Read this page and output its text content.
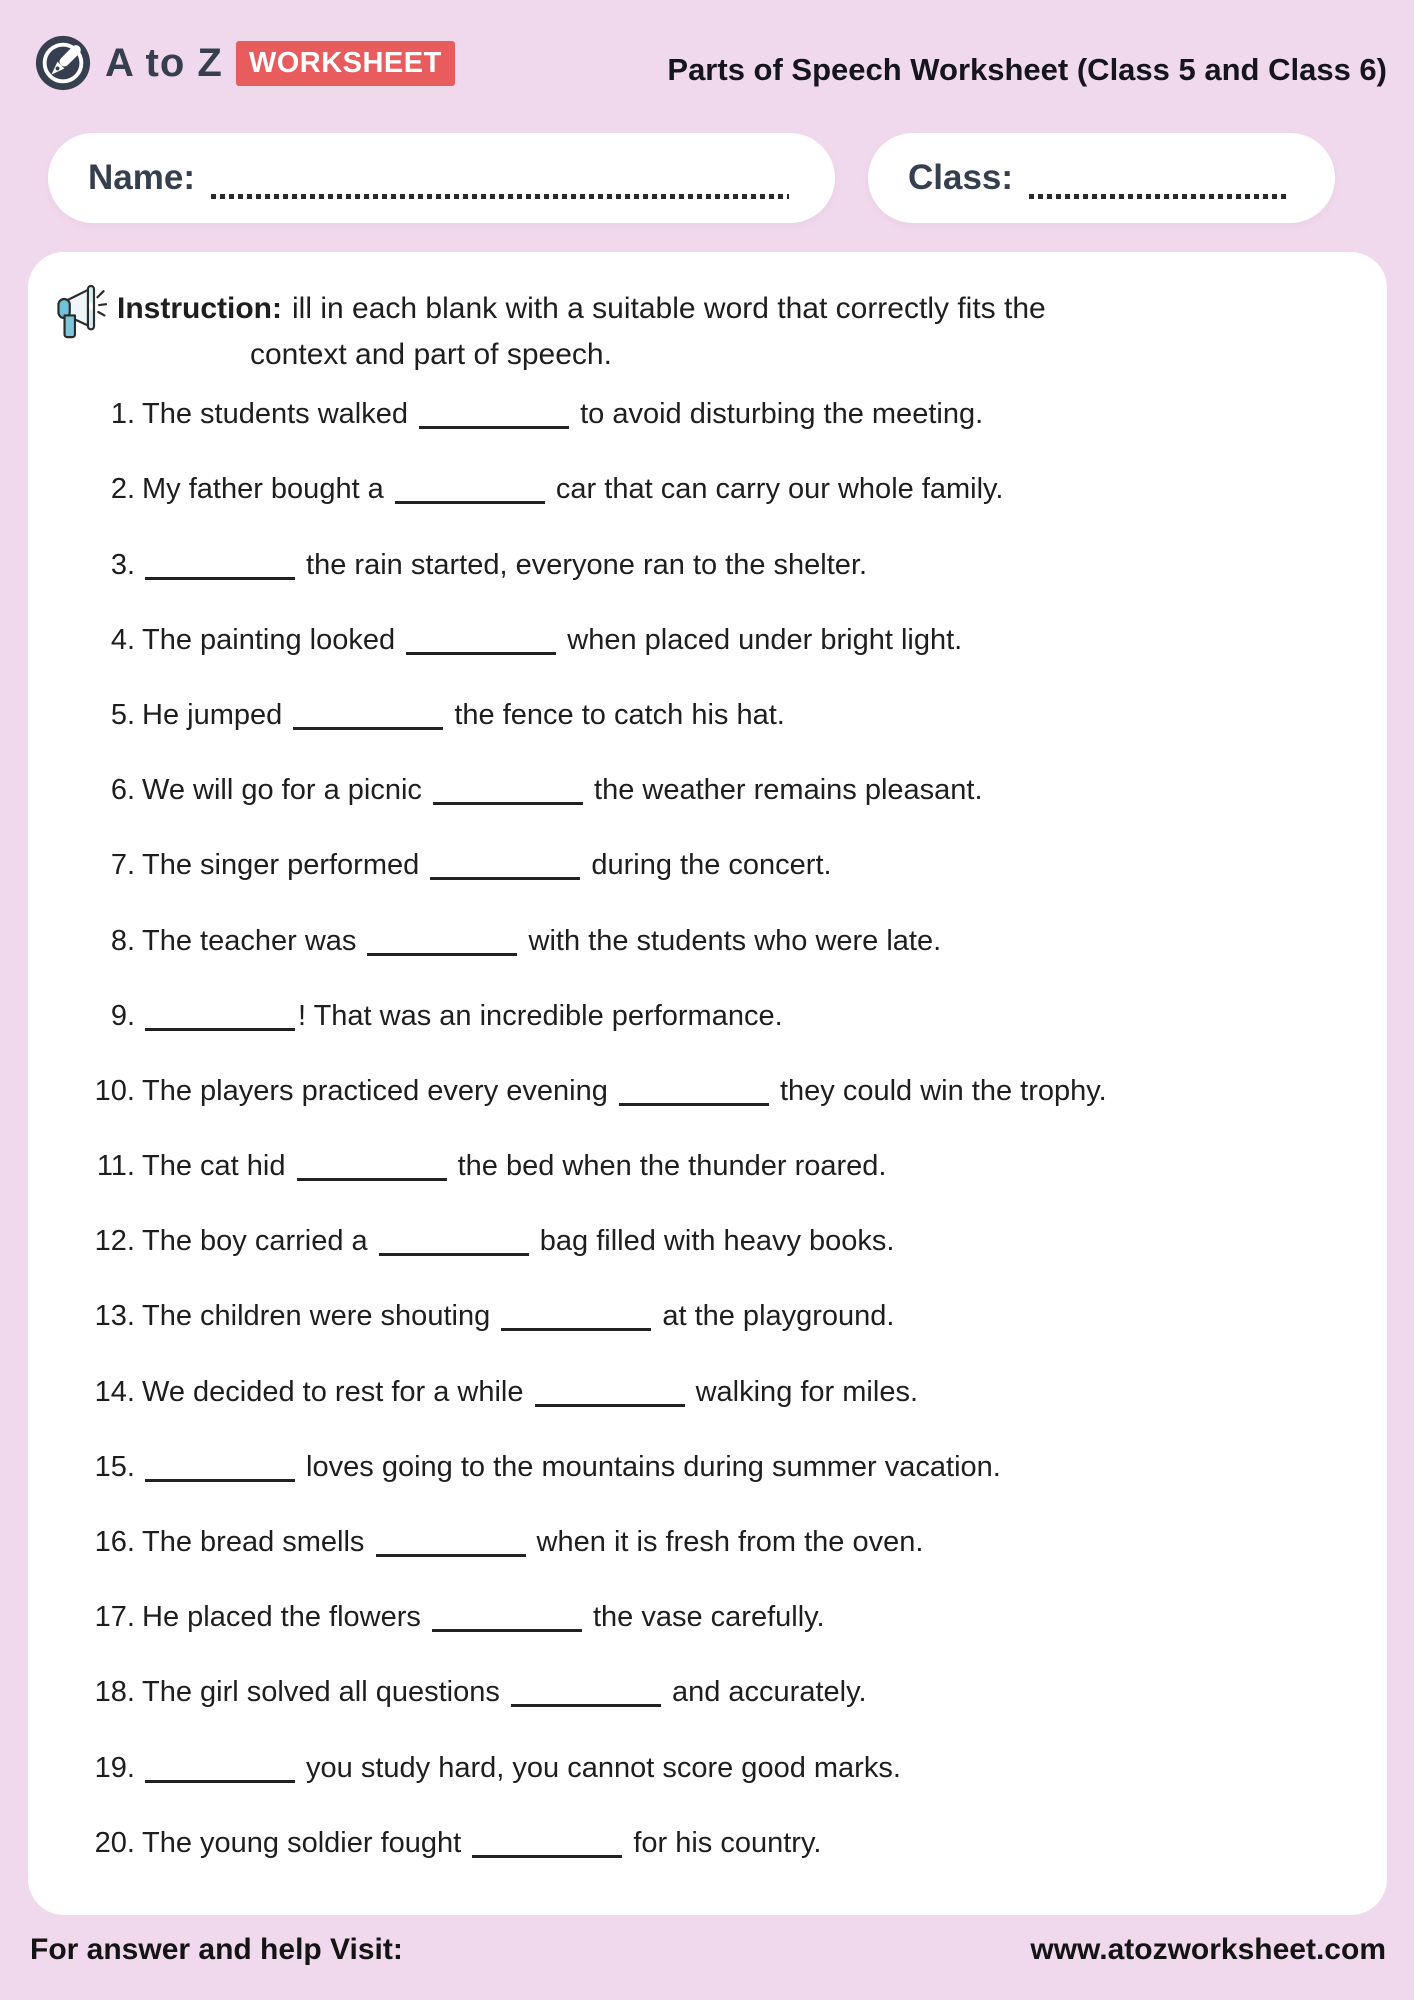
A to Z WORKSHEET	Parts of Speech Worksheet (Class 5 and Class 6)
Name:	Class:
Instruction: ill in each blank with a suitable word that correctly fits the
context and part of speech.
1. The students walked	to avoid disturbing the meeting.
2. My father bought a	car that can carry our whole family.
3.	the rain started, everyone ran to the shelter.
4. The painting looked	when placed under bright light.
5. He jumped	the fence to catch his hat.
6. We will go for a picnic	the weather remains pleasant.
7. The singer performed	during the concert.
8. The teacher was	with the students who were late.
9.	! That was an incredible performance.
10. The players practiced every evening	they could win the trophy.
11. The cat hid	the bed when the thunder roared.
12. The boy carried a	bag filled with heavy books.
13. The children were shouting	at the playground.
14. We decided to rest for a while	walking for miles.
15.	loves going to the mountains during summer vacation.
16. The bread smells	when it is fresh from the oven.
17. He placed the flowers	the vase carefully.
18. The girl solved all questions	and accurately.
19.	you study hard, you cannot score good marks.
20. The young soldier fought	for his country.
For answer and help Visit:	www.atozworksheet.com
